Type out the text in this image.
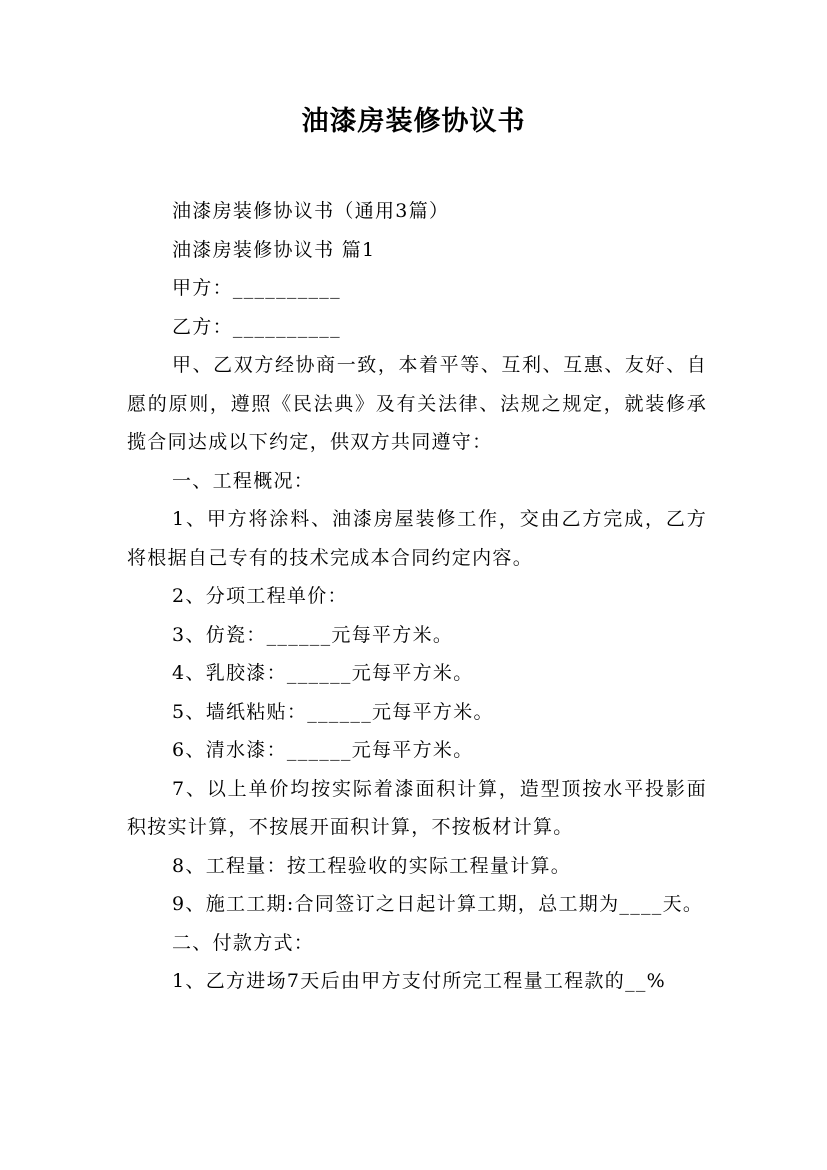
油漆房装修协议书

油漆房装修协议书（通用3篇）

油漆房装修协议书 篇1

甲方：__________

乙方：__________

甲、乙双方经协商一致，本着平等、互利、互惠、友好、自愿的原则，遵照《民法典》及有关法律、法规之规定，就装修承揽合同达成以下约定，供双方共同遵守：

一、工程概况：

1、甲方将涂料、油漆房屋装修工作，交由乙方完成，乙方将根据自己专有的技术完成本合同约定内容。

2、分项工程单价：

3、仿瓷：______元每平方米。

4、乳胶漆：______元每平方米。

5、墙纸粘贴：______元每平方米。

6、清水漆：______元每平方米。

7、以上单价均按实际着漆面积计算，造型顶按水平投影面积按实计算，不按展开面积计算，不按板材计算。

8、工程量：按工程验收的实际工程量计算。

9、施工工期:合同签订之日起计算工期，总工期为____天。

二、付款方式：

1、乙方进场7天后由甲方支付所完工程量工程款的__%
